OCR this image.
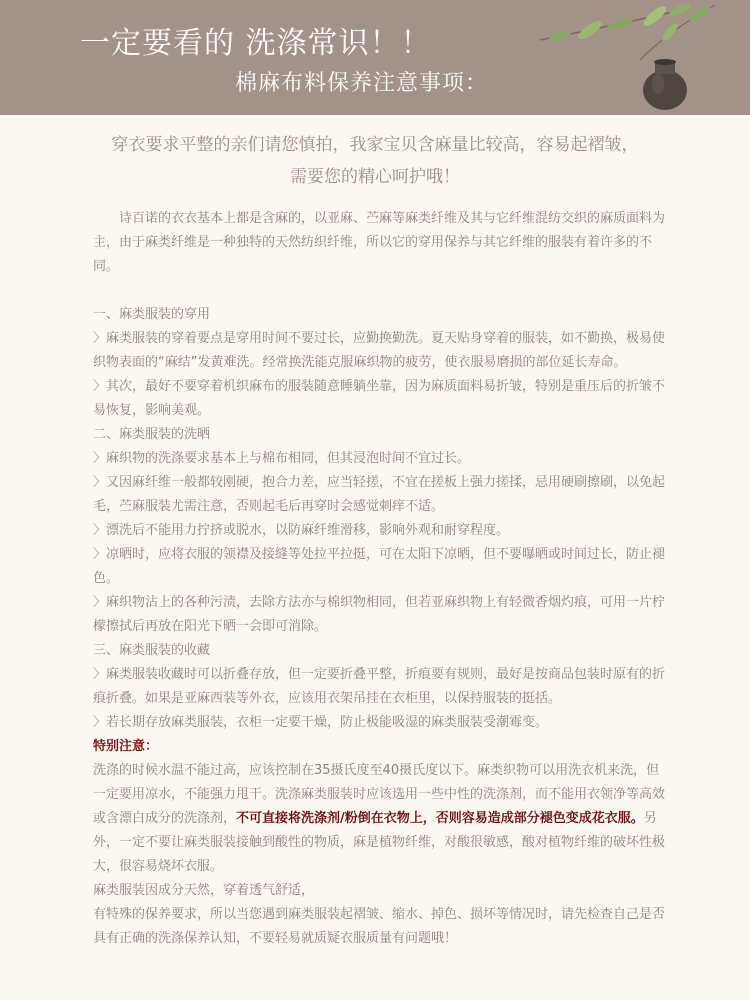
一定要看的 洗涤常识！！
棉麻布料保养注意事项：
穿衣要求平整的亲们请您慎拍，我家宝贝含麻量比较高，容易起褶皱，
需要您的精心呵护哦！

诗百诺的衣衣基本上都是含麻的，以亚麻、苎麻等麻类纤维及其与它纤维混纺交织的麻质面料为主，由于麻类纤维是一种独特的天然纺织纤维，所以它的穿用保养与其它纤维的服装有着许多的不同。

一、麻类服装的穿用

〉麻类服装的穿着要点是穿用时间不要过长，应勤换勤洗。夏天贴身穿着的服装，如不勤换，极易使织物表面的“麻结”发黄难洗。经常换洗能克服麻织物的疲劳，使衣服易磨损的部位延长寿命。

〉其次，最好不要穿着机织麻布的服装随意睡躺坐靠，因为麻质面料易折皱，特别是重压后的折皱不易恢复，影响美观。

二、麻类服装的洗晒

〉麻织物的洗涤要求基本上与棉布相同，但其浸泡时间不宜过长。

〉又因麻纤维一般都较刚硬，抱合力差，应当轻搓，不宜在搓板上强力搓揉，忌用硬刷擦刷，以免起毛，苎麻服装尤需注意，否则起毛后再穿时会感觉刺痒不适。

〉漂洗后不能用力拧挤或脱水，以防麻纤维滑移，影响外观和耐穿程度。

〉凉晒时，应将衣服的领襟及接缝等处拉平拉挺，可在太阳下凉晒，但不要曝晒或时间过长，防止褪色。

〉麻织物沾上的各种污渍，去除方法亦与棉织物相同，但若亚麻织物上有轻微香烟灼痕，可用一片柠檬擦拭后再放在阳光下晒一会即可消除。

三、麻类服装的收藏

〉麻类服装收藏时可以折叠存放，但一定要折叠平整，折痕要有规则，最好是按商品包装时原有的折痕折叠。如果是亚麻西装等外衣，应该用衣架吊挂在衣柜里，以保持服装的挺括。

〉若长期存放麻类服装，衣柜一定要干燥，防止极能吸湿的麻类服装受潮霉变。

特别注意：

洗涤的时候水温不能过高，应该控制在35摄氏度至40摄氏度以下。麻类织物可以用洗衣机来洗，但一定要用凉水，不能强力甩干。洗涤麻类服装时应该选用一些中性的洗涤剂，而不能用衣领净等高效或含漂白成分的洗涤剂，不可直接将洗涤剂/粉倒在衣物上，否则容易造成部分褪色变成花衣服。另外，一定不要让麻类服装接触到酸性的物质，麻是植物纤维，对酸很敏感，酸对植物纤维的破坏性极大，很容易烧坏衣服。

麻类服装因成分天然，穿着透气舒适，

有特殊的保养要求，所以当您遇到麻类服装起褶皱、缩水、掉色、损坏等情况时，请先检查自己是否具有正确的洗涤保养认知，不要轻易就质疑衣服质量有问题哦！
